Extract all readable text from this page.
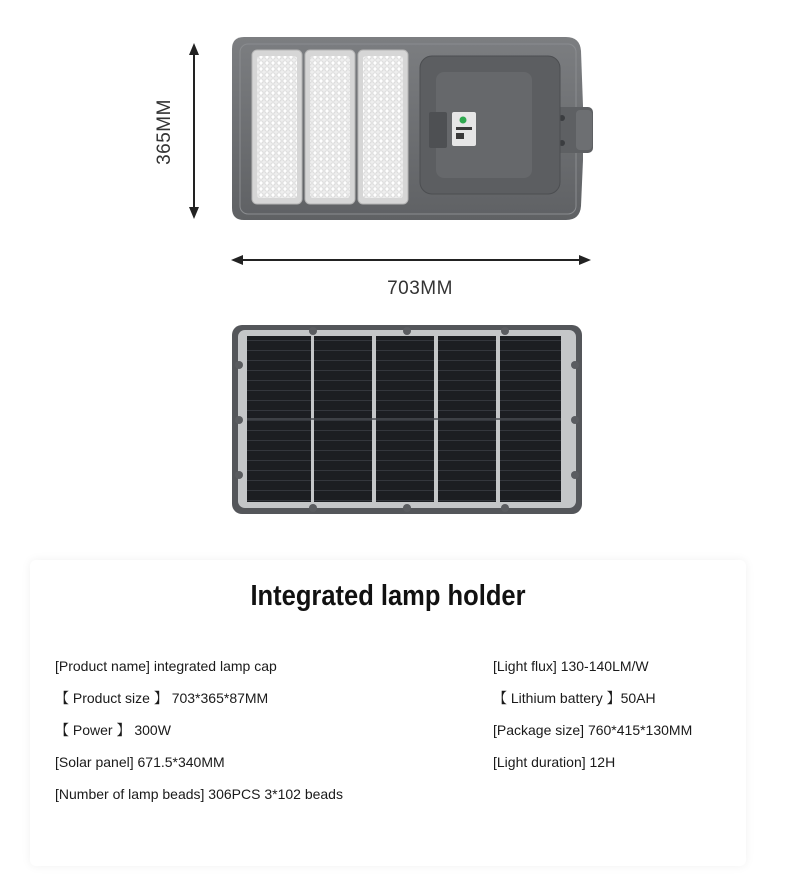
365MM
703MM
Integrated lamp holder
[Product name] integrated lamp cap
【 Product size 】 703*365*87MM
【 Power 】 300W
[Solar panel] 671.5*340MM
[Number of lamp beads] 306PCS 3*102 beads
[Light flux] 130-140LM/W
【 Lithium battery 】50AH
[Package size] 760*415*130MM
[Light duration] 12H
